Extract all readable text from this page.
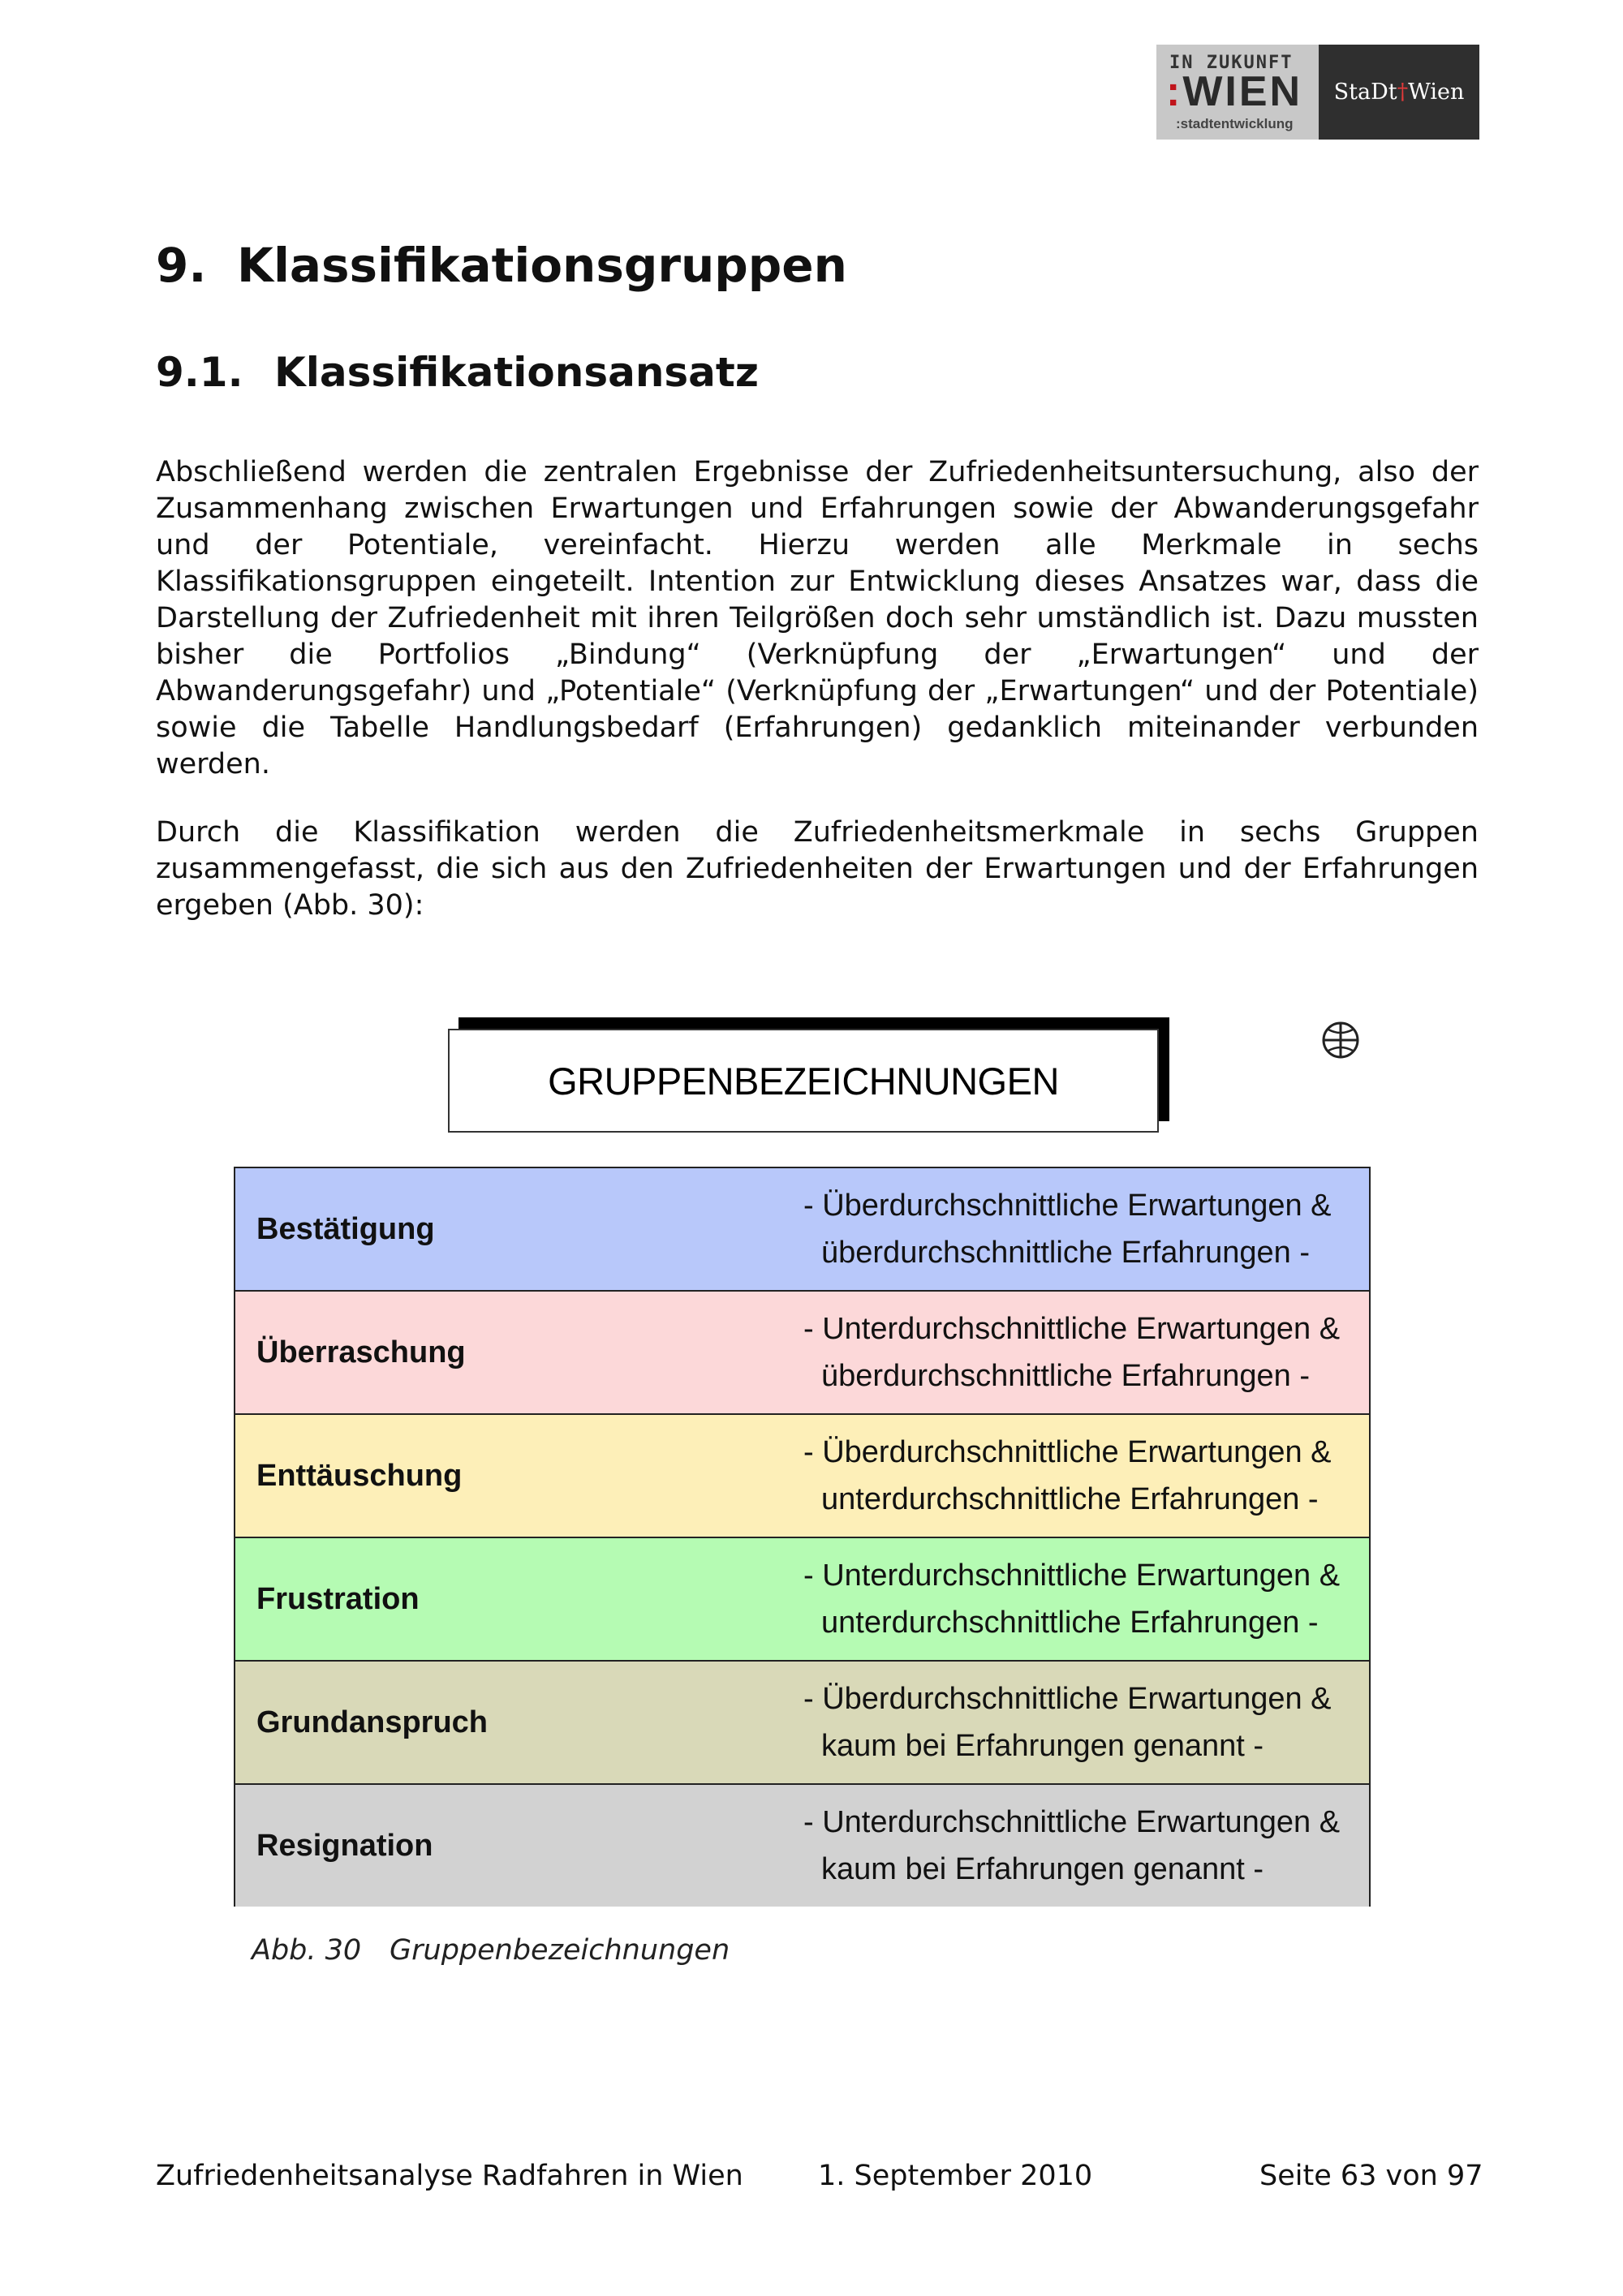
IN ZUKUNFT
:WIEN
:stadtentwicklung
StaDt † Wien
9. Klassifikationsgruppen
9.1. Klassifikationsansatz

Abschließend werden die zentralen Ergebnisse der Zufriedenheitsuntersuchung, also der Zusammenhang zwischen Erwartungen und Erfahrungen sowie der Abwanderungsgefahr und der Potentiale, vereinfacht. Hierzu werden alle Merkmale in sechs Klassifikationsgruppen eingeteilt. Intention zur Entwicklung dieses Ansatzes war, dass die Darstellung der Zufriedenheit mit ihren Teilgrößen doch sehr umständlich ist. Dazu mussten bisher die Portfolios „Bindung“ (Verknüpfung der „Erwartungen“ und der Abwanderungsgefahr) und „Potentiale“ (Verknüpfung der „Erwartungen“ und der Potentiale) sowie die Tabelle Handlungsbedarf (Erfahrungen) gedanklich miteinander verbunden werden.

Durch die Klassifikation werden die Zufriedenheitsmerkmale in sechs Gruppen zusammengefasst, die sich aus den Zufriedenheiten der Erwartungen und der Erfahrungen ergeben (Abb. 30):

GRUPPENBEZEICHNUNGEN
Bestätigung
- Überdurchschnittliche Erwartungen &
überdurchschnittliche Erfahrungen -
Überraschung
- Unterdurchschnittliche Erwartungen &
überdurchschnittliche Erfahrungen -
Enttäuschung
- Überdurchschnittliche Erwartungen &
unterdurchschnittliche Erfahrungen -
Frustration
- Unterdurchschnittliche Erwartungen &
unterdurchschnittliche Erfahrungen -
Grundanspruch
- Überdurchschnittliche Erwartungen &
kaum bei Erfahrungen genannt -
Resignation
- Unterdurchschnittliche Erwartungen &
kaum bei Erfahrungen genannt -
Abb. 30 Gruppenbezeichnungen
Zufriedenheitsanalyse Radfahren in Wien	1. September 2010	Seite 63 von 97
